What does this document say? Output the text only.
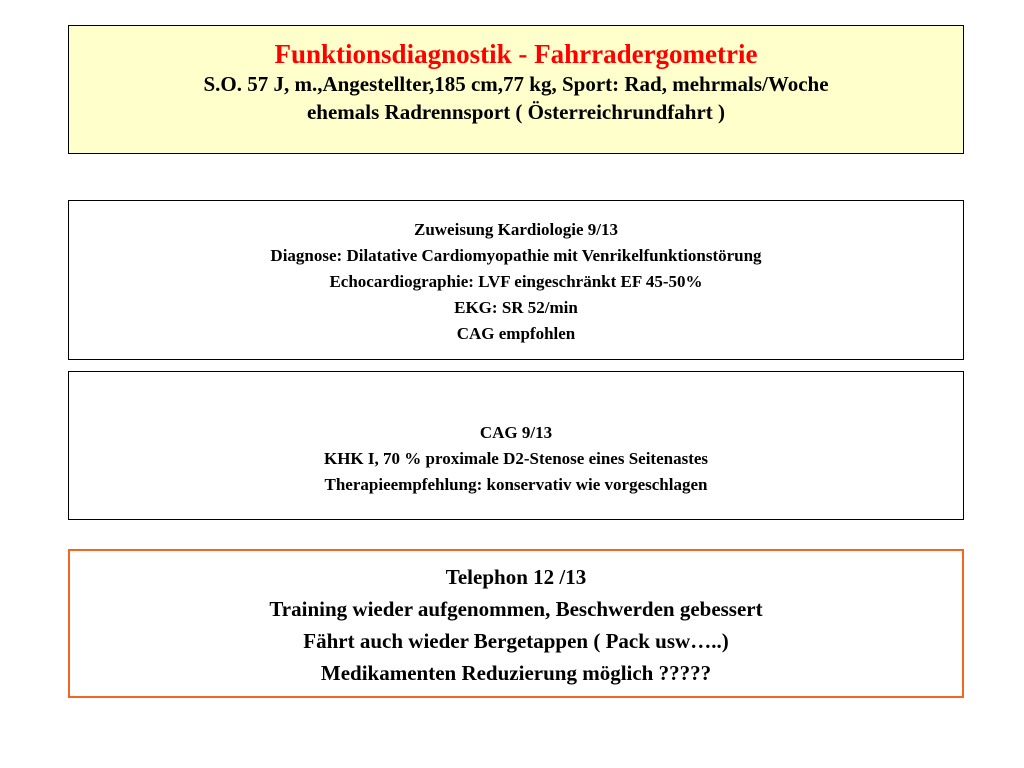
Funktionsdiagnostik - Fahrradergometrie
S.O. 57 J, m.,Angestellter,185 cm,77 kg, Sport: Rad, mehrmals/Woche
ehemals Radrennsport ( Österreichrundfahrt )
Zuweisung Kardiologie 9/13
Diagnose: Dilatative Cardiomyopathie mit Venrikelfunktionstörung
Echocardiographie: LVF eingeschränkt EF 45-50%
EKG: SR 52/min
CAG empfohlen
CAG 9/13
KHK I, 70 % proximale D2-Stenose eines Seitenastes
Therapieempfehlung: konservativ wie vorgeschlagen
Telephon 12 /13
Training wieder aufgenommen, Beschwerden gebessert
Fährt auch wieder Bergetappen ( Pack usw…..)
Medikamenten Reduzierung möglich ?????
